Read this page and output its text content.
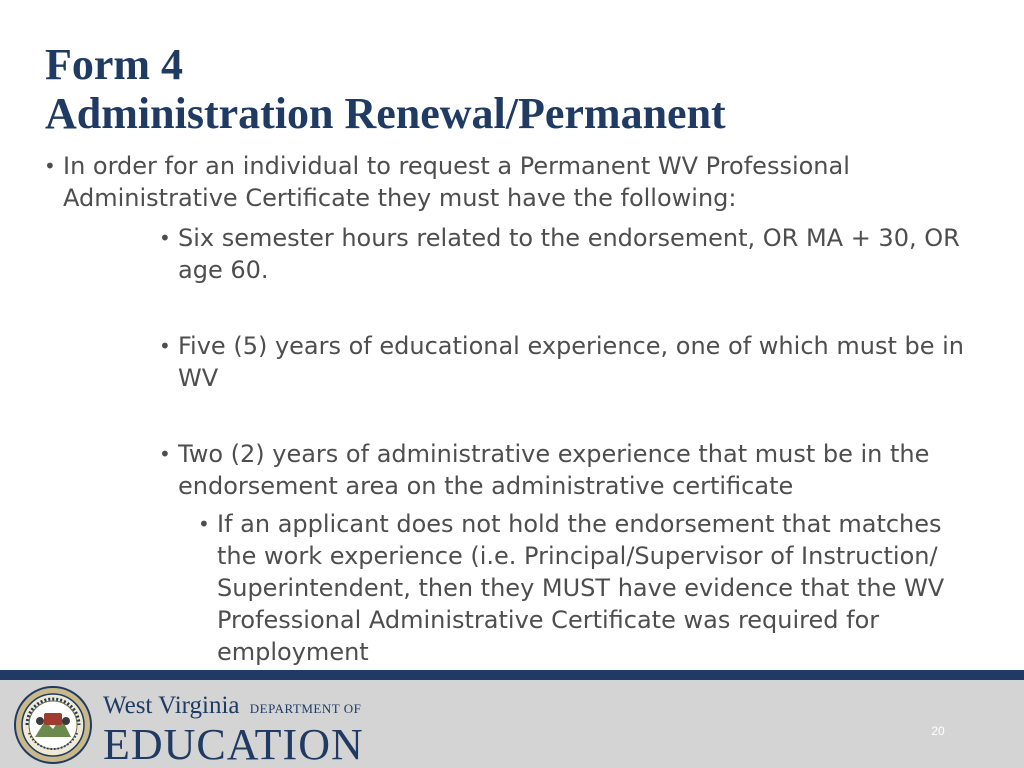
Form 4
Administration Renewal/Permanent

• In order for an individual to request a Permanent WV Professional Administrative Certificate they must have the following:

• Six semester hours related to the endorsement, OR MA + 30, OR age 60.

• Five (5) years of educational experience, one of which must be in WV

• Two (2) years of administrative experience that must be in the endorsement area on the administrative certificate

• If an applicant does not hold the endorsement that matches the work experience (i.e. Principal/Supervisor of Instruction/ Superintendent, then they MUST have evidence that the WV Professional Administrative Certificate was required for employment

West Virginia DEPARTMENT OF
EDUCATION	20
